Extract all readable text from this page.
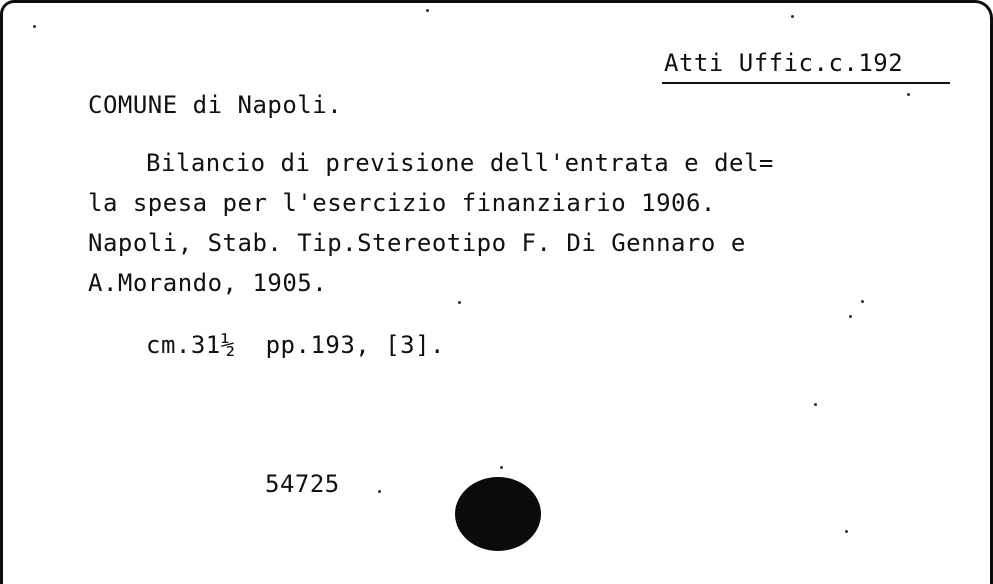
Atti Uffic.c.192
COMUNE di Napoli.
Bilancio di previsione dell'entrata e del=
la spesa per l'esercizio finanziario 1906.
Napoli, Stab. Tip.Stereotipo F. Di Gennaro e
A.Morando, 1905.
cm.31½  pp.193, [3].
54725
